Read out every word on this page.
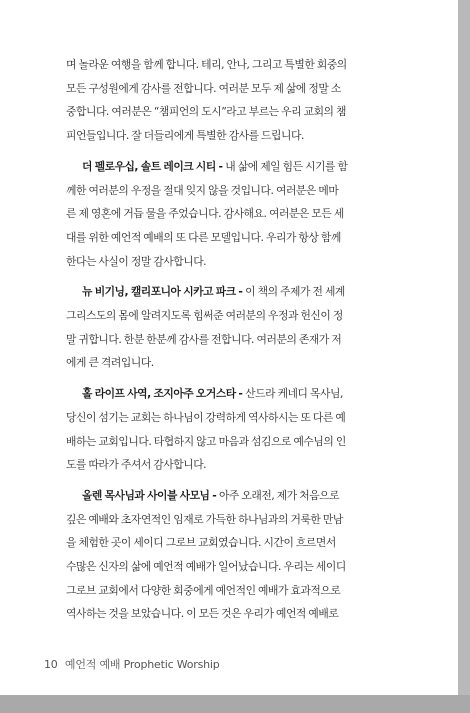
며 놀라운 여행을 함께 합니다. 테리, 안나, 그리고 특별한 회중의
모든 구성원에게 감사를 전합니다. 여러분 모두 제 삶에 정말 소
중합니다. 여러분은 “챔피언의 도시”라고 부르는 우리 교회의 챔
피언들입니다. 잘 더들리에게 특별한 감사를 드립니다.
더 펠로우십, 솔트 레이크 시티 - 내 삶에 제일 힘든 시기를 함
께한 여러분의 우정을 절대 잊지 않을 것입니다. 여러분은 메마
른 제 영혼에 거듭 물을 주었습니다. 감사해요. 여러분은 모든 세
대를 위한 예언적 예배의 또 다른 모델입니다. 우리가 항상 함께
한다는 사실이 정말 감사합니다.
뉴 비기닝, 캘리포니아 시카고 파크 - 이 책의 주제가 전 세계
그리스도의 몸에 알려지도록 힘써준 여러분의 우정과 헌신이 정
말 귀합니다. 한분 한분께 감사를 전합니다. 여러분의 존재가 저
에게 큰 격려입니다.
홀 라이프 사역, 조지아주 오거스타 - 산드라 케네디 목사님,
당신이 섬기는 교회는 하나님이 강력하게 역사하시는 또 다른 예
배하는 교회입니다. 타협하지 않고 마음과 섬김으로 예수님의 인
도를 따라가 주셔서 감사합니다.
올렌 목사님과 사이블 사모님 - 아주 오래전, 제가 처음으로
깊은 예배와 초자연적인 임재로 가득한 하나님과의 거룩한 만남
을 체험한 곳이 세이디 그로브 교회였습니다. 시간이 흐르면서
수많은 신자의 삶에 예언적 예배가 일어났습니다. 우리는 세이디
그로브 교회에서 다양한 회중에게 예언적인 예배가 효과적으로
역사하는 것을 보았습니다. 이 모든 것은 우리가 예언적 예배로
10 예언적 예배 Prophetic Worship
